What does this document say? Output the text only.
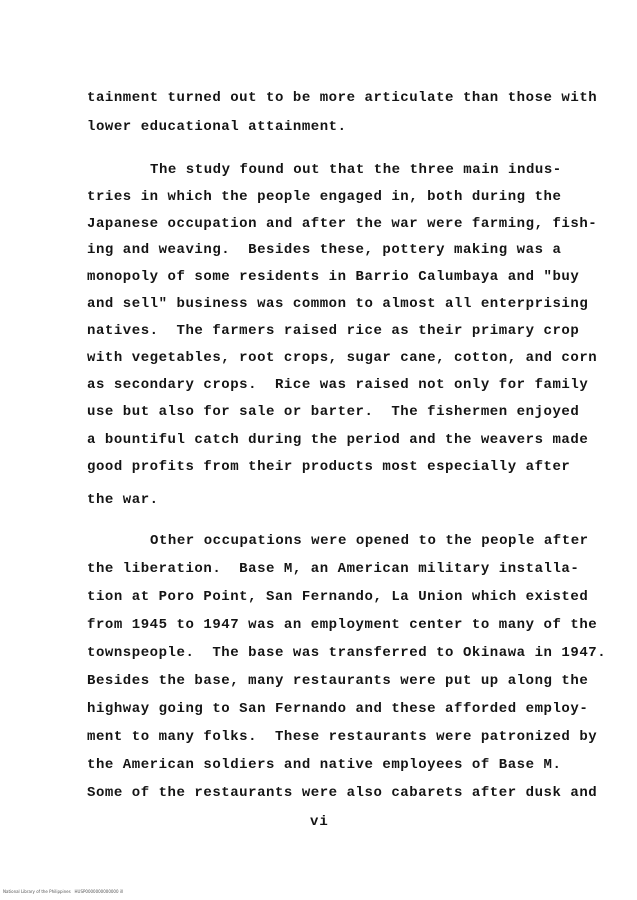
tainment turned out to be more articulate than those with
lower educational attainment.
The study found out that the three main indus-
tries in which the people engaged in, both during the
Japanese occupation and after the war were farming, fish-
ing and weaving.  Besides these, pottery making was a
monopoly of some residents in Barrio Calumbaya and "buy
and sell" business was common to almost all enterprising
natives.  The farmers raised rice as their primary crop
with vegetables, root crops, sugar cane, cotton, and corn
as secondary crops.  Rice was raised not only for family
use but also for sale or barter.  The fishermen enjoyed
a bountiful catch during the period and the weavers made
good profits from their products most especially after
the war.
Other occupations were opened to the people after
the liberation.  Base M, an American military installa-
tion at Poro Point, San Fernando, La Union which existed
from 1945 to 1947 was an employment center to many of the
townspeople.  The base was transferred to Okinawa in 1947.
Besides the base, many restaurants were put up along the
highway going to San Fernando and these afforded employ-
ment to many folks.  These restaurants were patronized by
the American soldiers and native employees of Base M.
Some of the restaurants were also cabarets after dusk and
vi
National Library of the Philippines   HUSP0000000000000 ill
